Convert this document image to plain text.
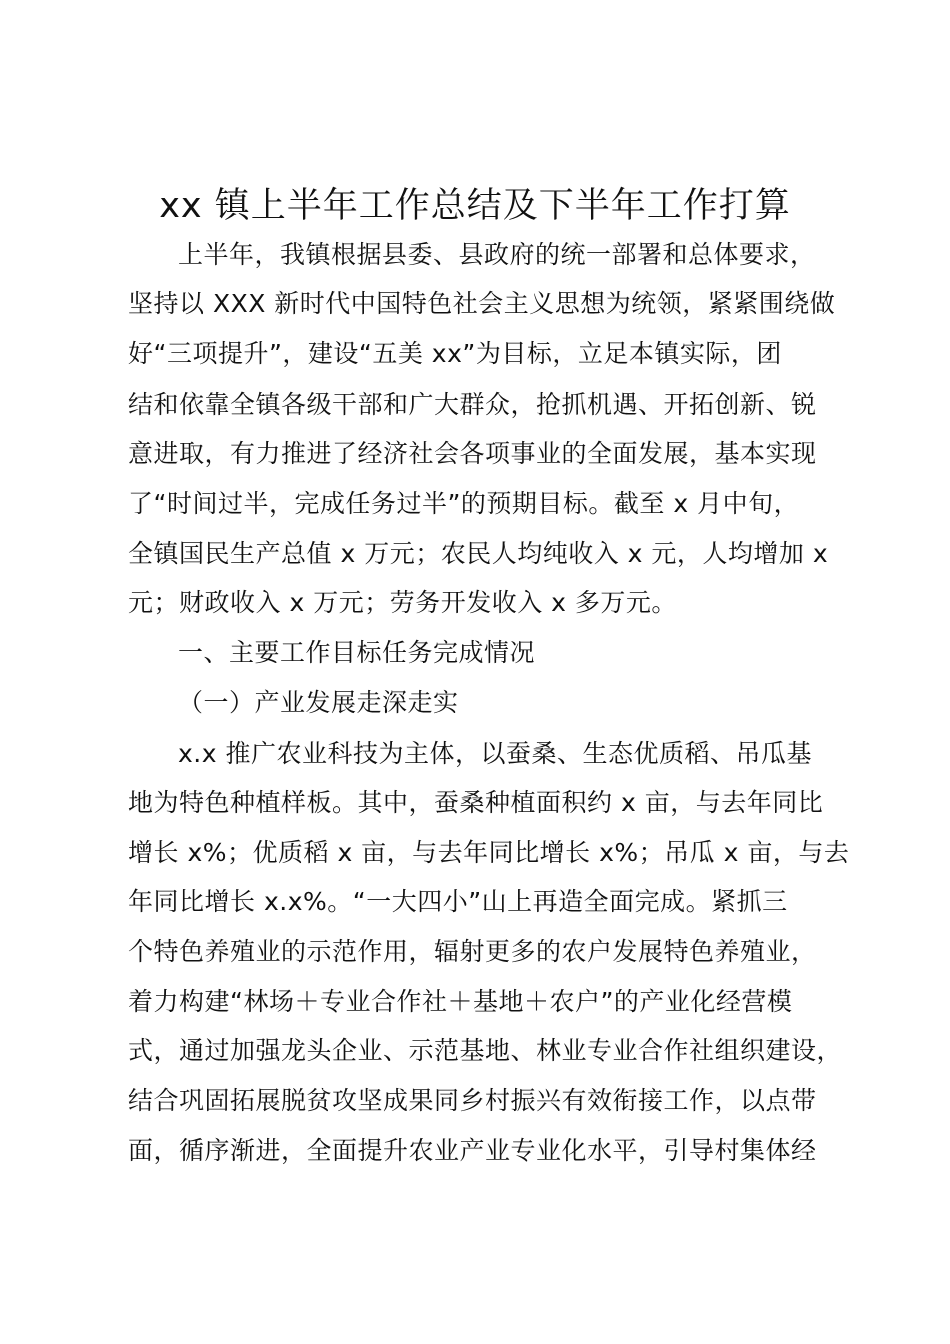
xx 镇上半年工作总结及下半年工作打算
上半年，我镇根据县委、县政府的统一部署和总体要求，
坚持以 XXX 新时代中国特色社会主义思想为统领，紧紧围绕做
好“三项提升”，建设“五美 xx”为目标，立足本镇实际，团
结和依靠全镇各级干部和广大群众，抢抓机遇、开拓创新、锐
意进取，有力推进了经济社会各项事业的全面发展，基本实现
了“时间过半，完成任务过半”的预期目标。截至 x 月中旬，
全镇国民生产总值 x 万元；农民人均纯收入 x 元，人均增加 x
元；财政收入 x 万元；劳务开发收入 x 多万元。
一、主要工作目标任务完成情况
（一）产业发展走深走实
x.x 推广农业科技为主体，以蚕桑、生态优质稻、吊瓜基
地为特色种植样板。其中，蚕桑种植面积约 x 亩，与去年同比
增长 x%；优质稻 x 亩，与去年同比增长 x%；吊瓜 x 亩，与去
年同比增长 x.x%。“一大四小”山上再造全面完成。紧抓三
个特色养殖业的示范作用，辐射更多的农户发展特色养殖业，
着力构建“林场＋专业合作社＋基地＋农户”的产业化经营模
式，通过加强龙头企业、示范基地、林业专业合作社组织建设，
结合巩固拓展脱贫攻坚成果同乡村振兴有效衔接工作，以点带
面，循序渐进，全面提升农业产业专业化水平，引导村集体经
